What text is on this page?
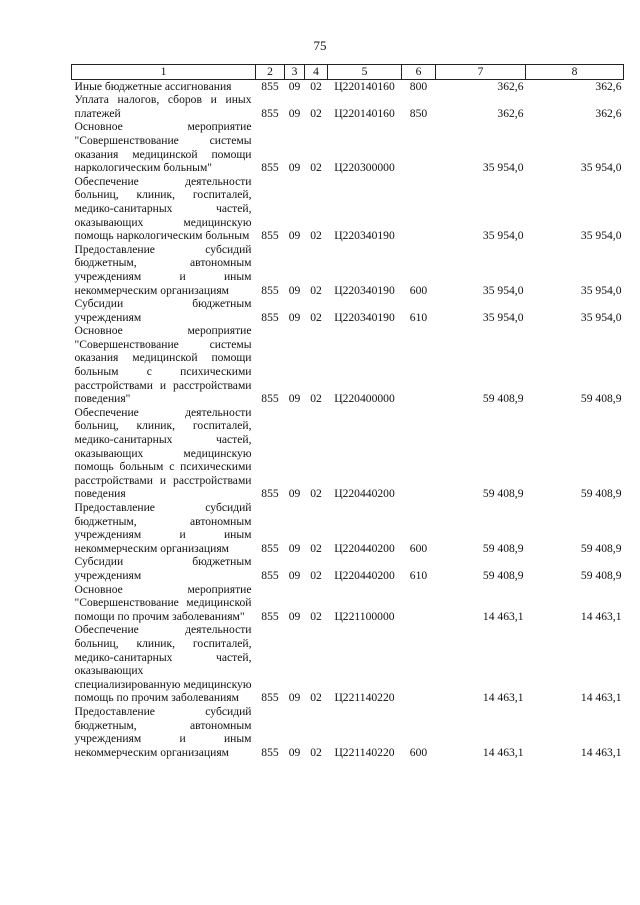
75
1	2	3	4	5	6	7	8
Иные бюджетные ассигнования	855	09	02	Ц220140160	800	362,6	362,6
Уплата налогов, сборов и иных платежей	855	09	02	Ц220140160	850	362,6	362,6
Основное мероприятие "Совершенствование системы оказания медицинской помощи наркологическим больным"	855	09	02	Ц220300000		35 954,0	35 954,0
Обеспечение деятельности больниц, клиник, госпиталей, медико-санитарных частей, оказывающих медицинскую помощь наркологическим больным	855	09	02	Ц220340190		35 954,0	35 954,0
Предоставление субсидий бюджетным, автономным учреждениям и иным некоммерческим организациям	855	09	02	Ц220340190	600	35 954,0	35 954,0
Субсидии бюджетным учреждениям	855	09	02	Ц220340190	610	35 954,0	35 954,0
Основное мероприятие "Совершенствование системы оказания медицинской помощи больным с психическими расстройствами и расстройствами поведения"	855	09	02	Ц220400000		59 408,9	59 408,9
Обеспечение деятельности больниц, клиник, госпиталей, медико-санитарных частей, оказывающих медицинскую помощь больным с психическими расстройствами и расстройствами поведения	855	09	02	Ц220440200		59 408,9	59 408,9
Предоставление субсидий бюджетным, автономным учреждениям и иным некоммерческим организациям	855	09	02	Ц220440200	600	59 408,9	59 408,9
Субсидии бюджетным учреждениям	855	09	02	Ц220440200	610	59 408,9	59 408,9
Основное мероприятие "Совершенствование медицинской помощи по прочим заболеваниям"	855	09	02	Ц221100000		14 463,1	14 463,1
Обеспечение деятельности больниц, клиник, госпиталей, медико-санитарных частей, оказывающих специализированную медицинскую помощь по прочим заболеваниям	855	09	02	Ц221140220		14 463,1	14 463,1
Предоставление субсидий бюджетным, автономным учреждениям и иным некоммерческим организациям	855	09	02	Ц221140220	600	14 463,1	14 463,1
